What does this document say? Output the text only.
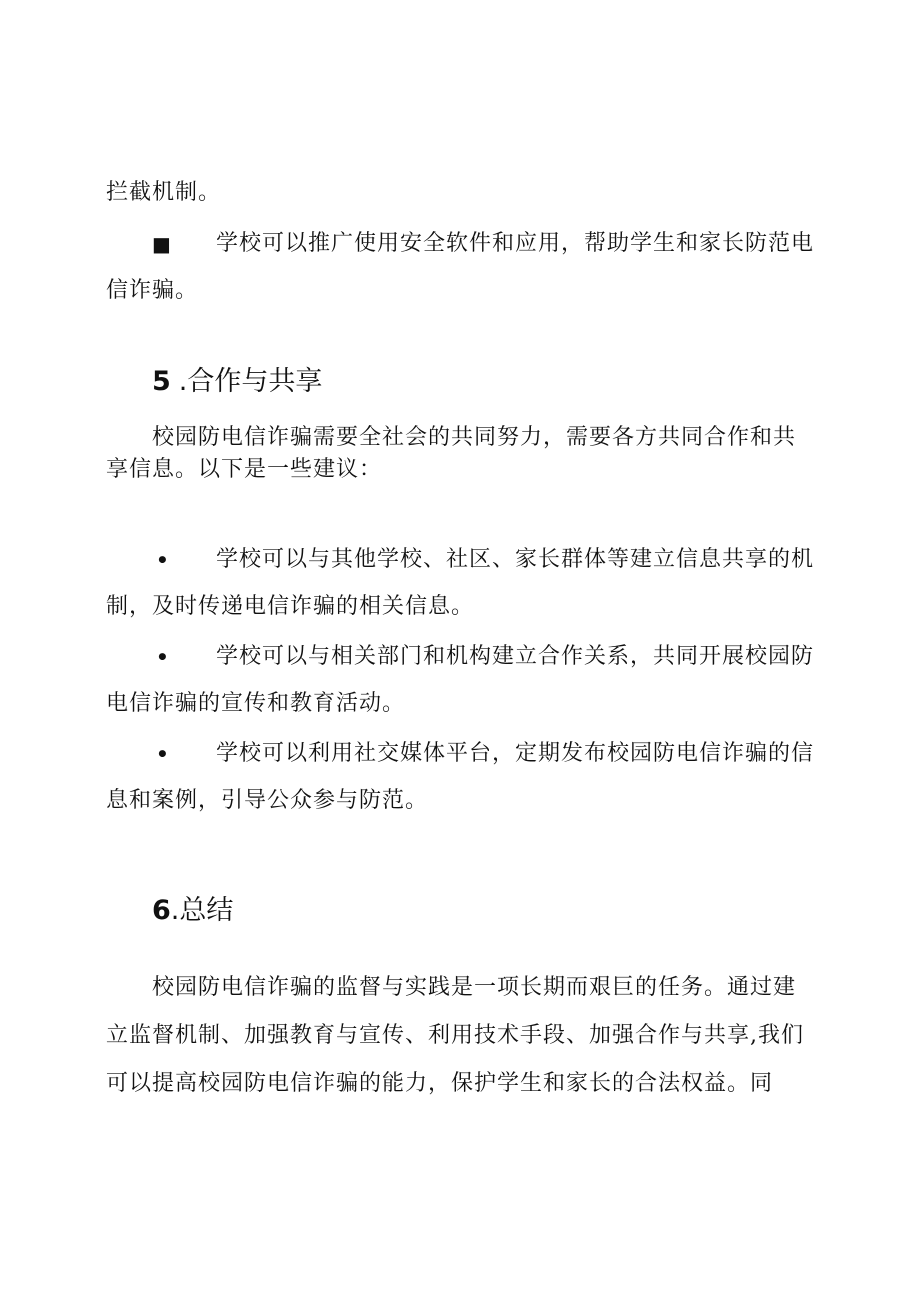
拦截机制。
■ 学校可以推广使用安全软件和应用，帮助学生和家长防范电
信诈骗。
5 .合作与共享
校园防电信诈骗需要全社会的共同努力，需要各方共同合作和共
享信息。以下是一些建议：
• 学校可以与其他学校、社区、家长群体等建立信息共享的机
制，及时传递电信诈骗的相关信息。
• 学校可以与相关部门和机构建立合作关系，共同开展校园防
电信诈骗的宣传和教育活动。
• 学校可以利用社交媒体平台，定期发布校园防电信诈骗的信
息和案例，引导公众参与防范。
6.总结
校园防电信诈骗的监督与实践是一项长期而艰巨的任务。通过建
立监督机制、加强教育与宣传、利用技术手段、加强合作与共享,我们
可以提高校园防电信诈骗的能力，保护学生和家长的合法权益。同
